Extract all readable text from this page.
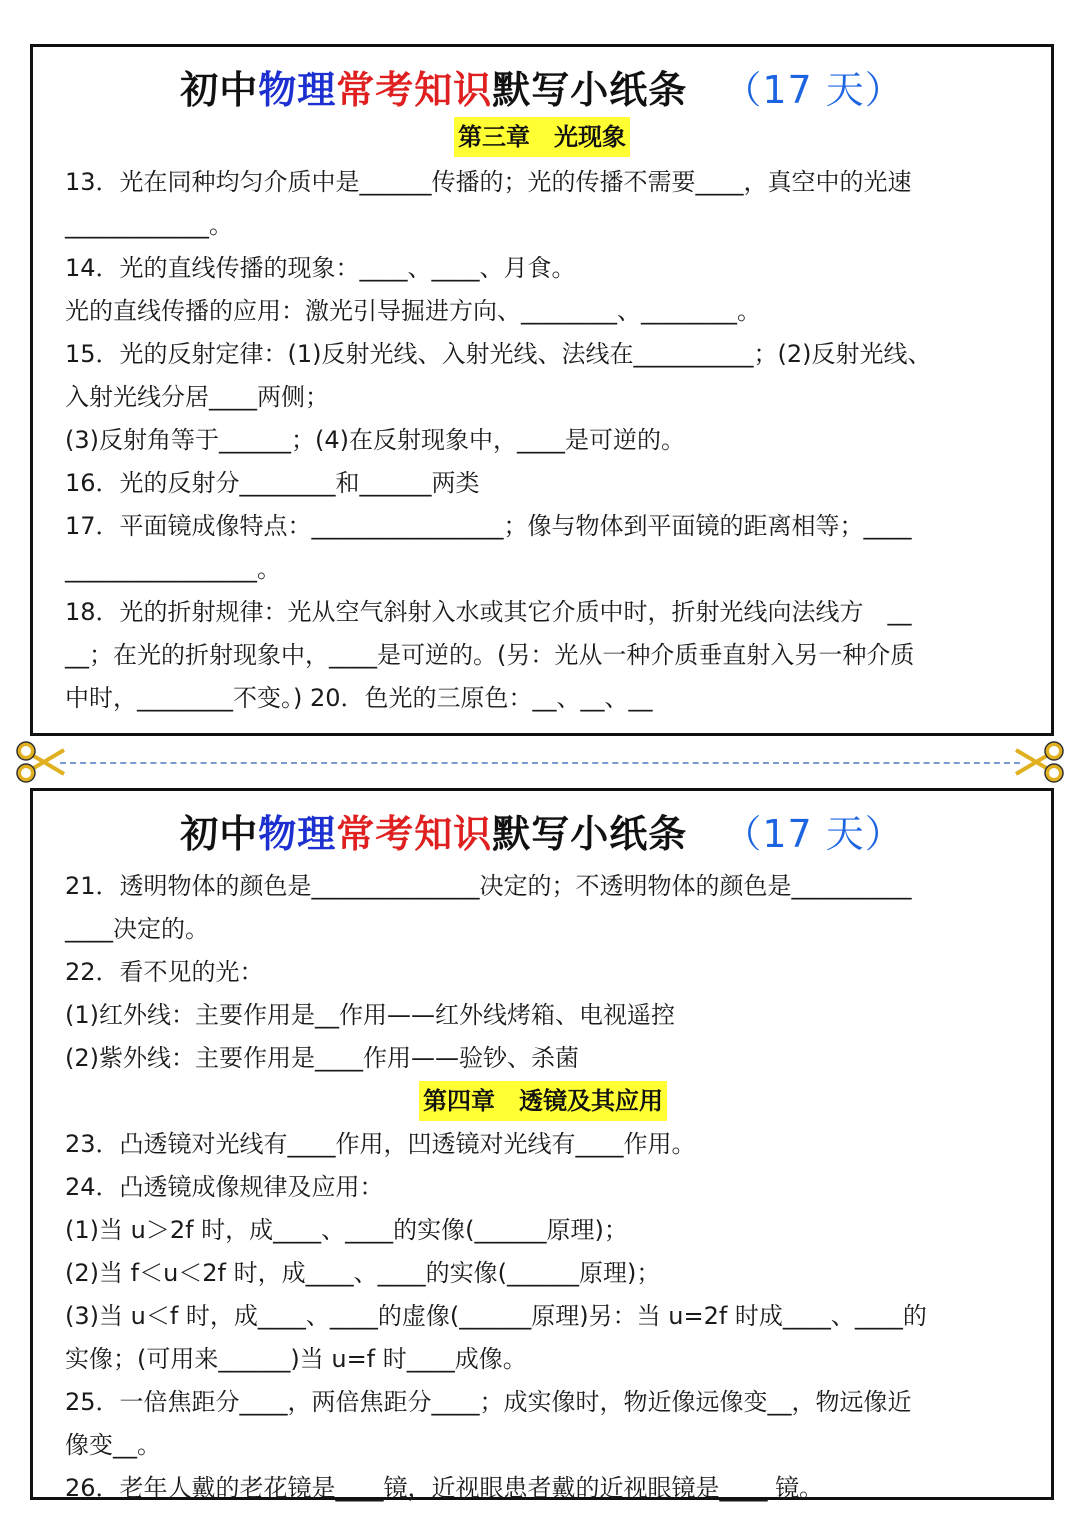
初中物理常考知识默写小纸条 （17 天）
第三章　光现象
13．光在同种均匀介质中是______传播的；光的传播不需要____，真空中的光速
____________。
14．光的直线传播的现象：____、____、月食。
光的直线传播的应用：激光引导掘进方向、________、________。
15．光的反射定律：(1)反射光线、入射光线、法线在__________；(2)反射光线、
入射光线分居____两侧；
(3)反射角等于______；(4)在反射现象中，____是可逆的。
16．光的反射分________和______两类
17．平面镜成像特点：________________；像与物体到平面镜的距离相等；____
________________。
18．光的折射规律：光从空气斜射入水或其它介质中时，折射光线向法线方　__
__；在光的折射现象中，____是可逆的。(另：光从一种介质垂直射入另一种介质
中时，________不变。) 20．色光的三原色：__、__、__
初中物理常考知识默写小纸条 （17 天）
21．透明物体的颜色是______________决定的；不透明物体的颜色是__________
____决定的。
22．看不见的光：
(1)红外线：主要作用是__作用——红外线烤箱、电视遥控
(2)紫外线：主要作用是____作用——验钞、杀菌
第四章　透镜及其应用
23．凸透镜对光线有____作用，凹透镜对光线有____作用。
24．凸透镜成像规律及应用：
(1)当 u＞2f 时，成____、____的实像(______原理)；
(2)当 f＜u＜2f 时，成____、____的实像(______原理)；
(3)当 u＜f 时，成____、____的虚像(______原理)另：当 u=2f 时成____、____的
实像；(可用来______)当 u=f 时____成像。
25．一倍焦距分____，两倍焦距分____；成实像时，物近像远像变__，物远像近
像变__。
26．老年人戴的老花镜是____镜，近视眼患者戴的近视眼镜是____ 镜。
